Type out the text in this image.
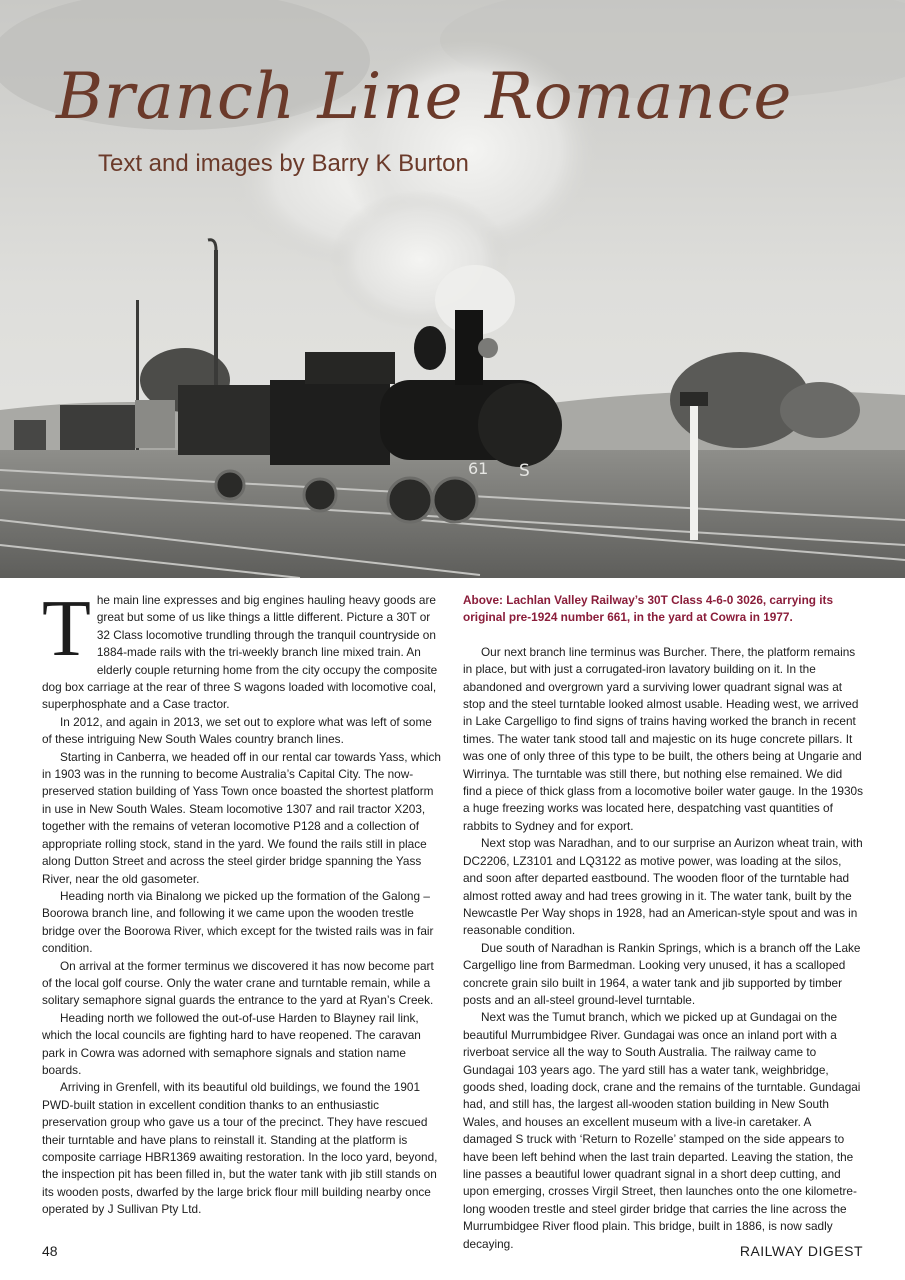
61 S
Branch Line Romance
Text and images by Barry K Burton

The main line expresses and big engines hauling heavy goods are great but some of us like things a little different. Picture a 30T or 32 Class locomotive trundling through the tranquil countryside on 1884-made rails with the tri-weekly branch line mixed train. An elderly couple returning home from the city occupy the composite dog box carriage at the rear of three S wagons loaded with locomotive coal, superphosphate and a Case tractor.

In 2012, and again in 2013, we set out to explore what was left of some of these intriguing New South Wales country branch lines.

Starting in Canberra, we headed off in our rental car towards Yass, which in 1903 was in the running to become Australia’s Capital City. The now-preserved station building of Yass Town once boasted the shortest platform in use in New South Wales. Steam locomotive 1307 and rail tractor X203, together with the remains of veteran locomotive P128 and a collection of appropriate rolling stock, stand in the yard. We found the rails still in place along Dutton Street and across the steel girder bridge spanning the Yass River, near the old gasometer.

Heading north via Binalong we picked up the formation of the Galong –Boorowa branch line, and following it we came upon the wooden trestle bridge over the Boorowa River, which except for the twisted rails was in fair condition.

On arrival at the former terminus we discovered it has now become part of the local golf course. Only the water crane and turntable remain, while a solitary semaphore signal guards the entrance to the yard at Ryan’s Creek.

Heading north we followed the out-of-use Harden to Blayney rail link, which the local councils are fighting hard to have reopened. The caravan park in Cowra was adorned with semaphore signals and station name boards.

Arriving in Grenfell, with its beautiful old buildings, we found the 1901 PWD-built station in excellent condition thanks to an enthusiastic preservation group who gave us a tour of the precinct. They have rescued their turntable and have plans to reinstall it. Standing at the platform is composite carriage HBR1369 awaiting restoration. In the loco yard, beyond, the inspection pit has been filled in, but the water tank with jib still stands on its wooden posts, dwarfed by the large brick flour mill building nearby once operated by J Sullivan Pty Ltd.

Above: Lachlan Valley Railway’s 30T Class 4-6-0 3026, carrying its original pre-1924 number 661, in the yard at Cowra in 1977.

Our next branch line terminus was Burcher. There, the platform remains in place, but with just a corrugated-iron lavatory building on it. In the abandoned and overgrown yard a surviving lower quadrant signal was at stop and the steel turntable looked almost usable. Heading west, we arrived in Lake Cargelligo to find signs of trains having worked the branch in recent times. The water tank stood tall and majestic on its huge concrete pillars. It was one of only three of this type to be built, the others being at Ungarie and Wirrinya. The turntable was still there, but nothing else remained. We did find a piece of thick glass from a locomotive boiler water gauge. In the 1930s a huge freezing works was located here, despatching vast quantities of rabbits to Sydney and for export.

Next stop was Naradhan, and to our surprise an Aurizon wheat train, with DC2206, LZ3101 and LQ3122 as motive power, was loading at the silos, and soon after departed eastbound. The wooden floor of the turntable had almost rotted away and had trees growing in it. The water tank, built by the Newcastle Per Way shops in 1928, had an American-style spout and was in reasonable condition.

Due south of Naradhan is Rankin Springs, which is a branch off the Lake Cargelligo line from Barmedman. Looking very unused, it has a scalloped concrete grain silo built in 1964, a water tank and jib supported by timber posts and an all-steel ground-level turntable.

Next was the Tumut branch, which we picked up at Gundagai on the beautiful Murrumbidgee River. Gundagai was once an inland port with a riverboat service all the way to South Australia. The railway came to Gundagai 103 years ago. The yard still has a water tank, weighbridge, goods shed, loading dock, crane and the remains of the turntable. Gundagai had, and still has, the largest all-wooden station building in New South Wales, and houses an excellent museum with a live-in caretaker. A damaged S truck with ‘Return to Rozelle’ stamped on the side appears to have been left behind when the last train departed. Leaving the station, the line passes a beautiful lower quadrant signal in a short deep cutting, and upon emerging, crosses Virgil Street, then launches onto the one kilometre-long wooden trestle and steel girder bridge that carries the line across the Murrumbidgee River flood plain. This bridge, built in 1886, is now sadly decaying.

48	RAILWAY DIGEST
